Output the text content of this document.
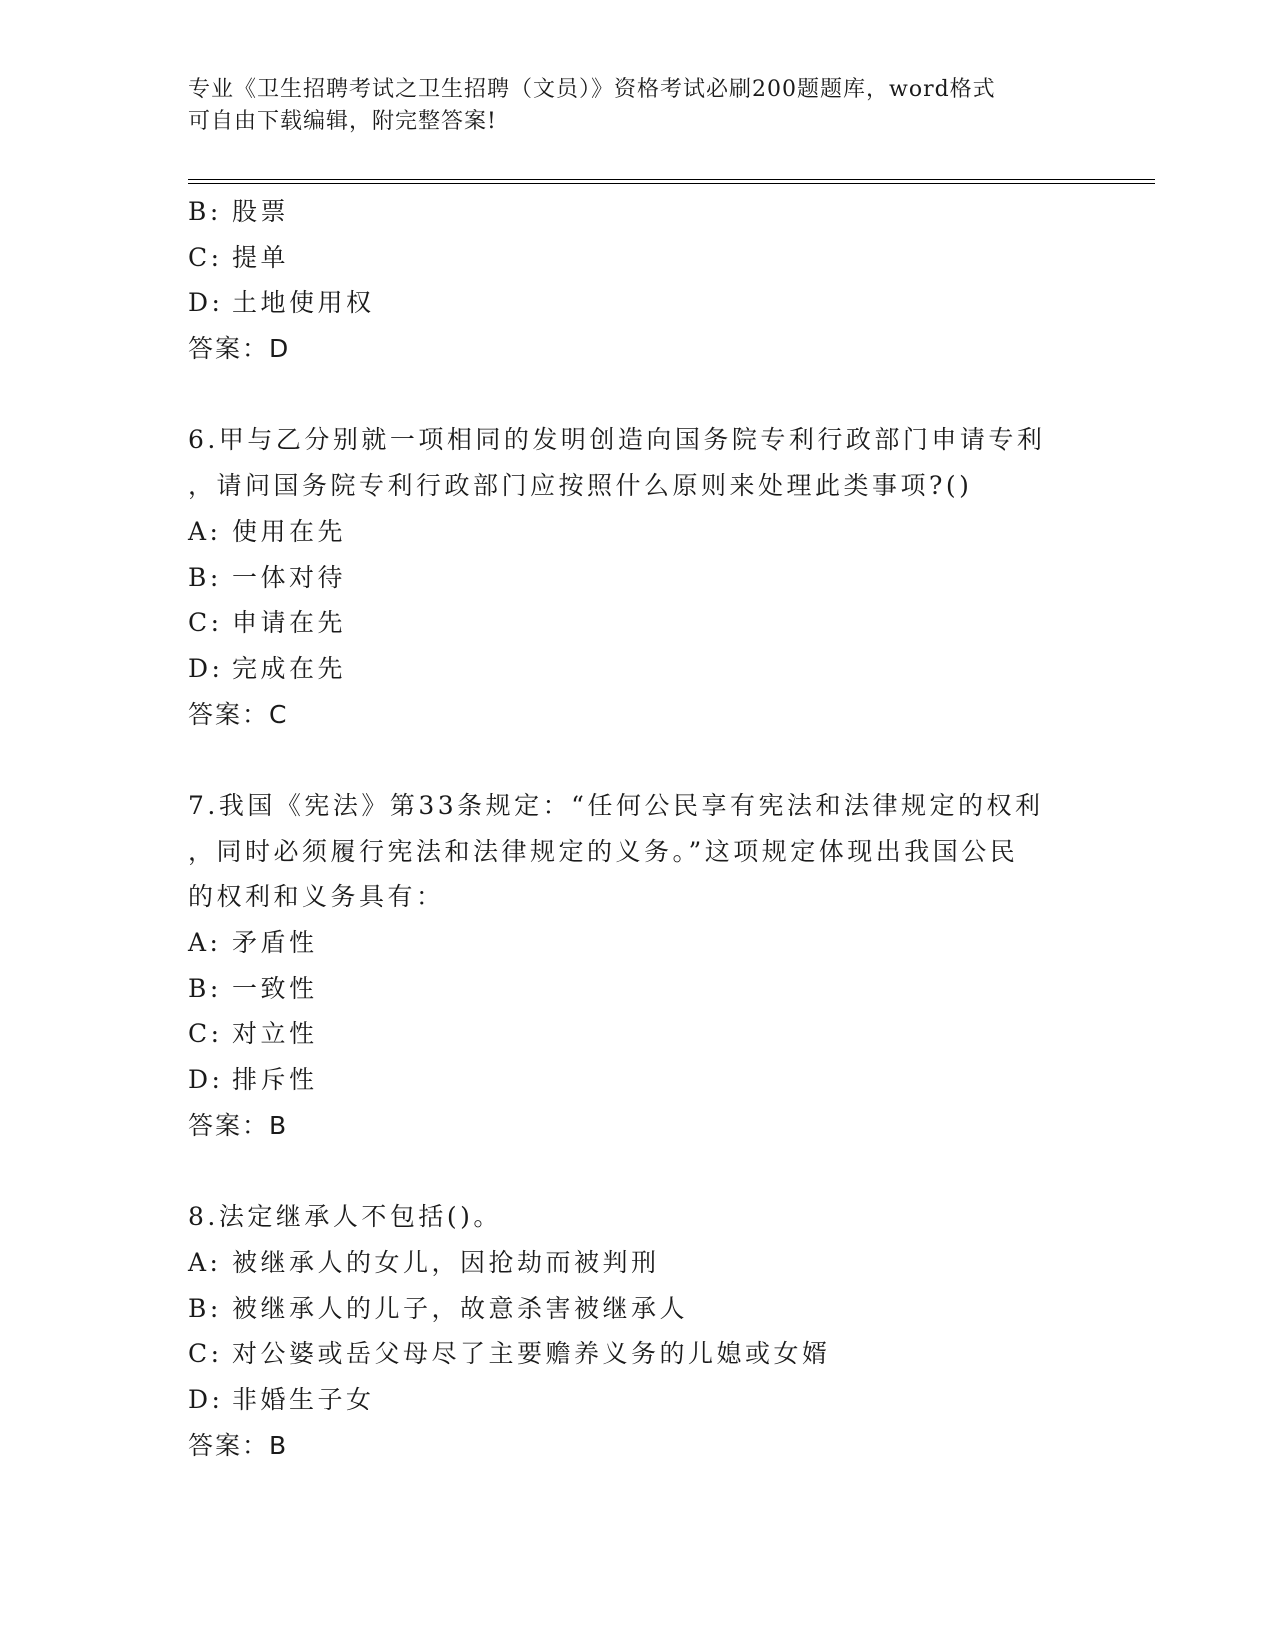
专业《卫生招聘考试之卫生招聘（文员）》资格考试必刷200题题库，word格式
可自由下载编辑，附完整答案!
B: 股票
C: 提单
D: 土地使用权
答案：D
6.甲与乙分别就一项相同的发明创造向国务院专利行政部门申请专利
，请问国务院专利行政部门应按照什么原则来处理此类事项?()
A: 使用在先
B: 一体对待
C: 申请在先
D: 完成在先
答案：C
7.我国《宪法》第33条规定：“任何公民享有宪法和法律规定的权利
，同时必须履行宪法和法律规定的义务。”这项规定体现出我国公民
的权利和义务具有：
A: 矛盾性
B: 一致性
C: 对立性
D: 排斥性
答案：B
8.法定继承人不包括()。
A: 被继承人的女儿，因抢劫而被判刑
B: 被继承人的儿子，故意杀害被继承人
C: 对公婆或岳父母尽了主要赡养义务的儿媳或女婿
D: 非婚生子女
答案：B
